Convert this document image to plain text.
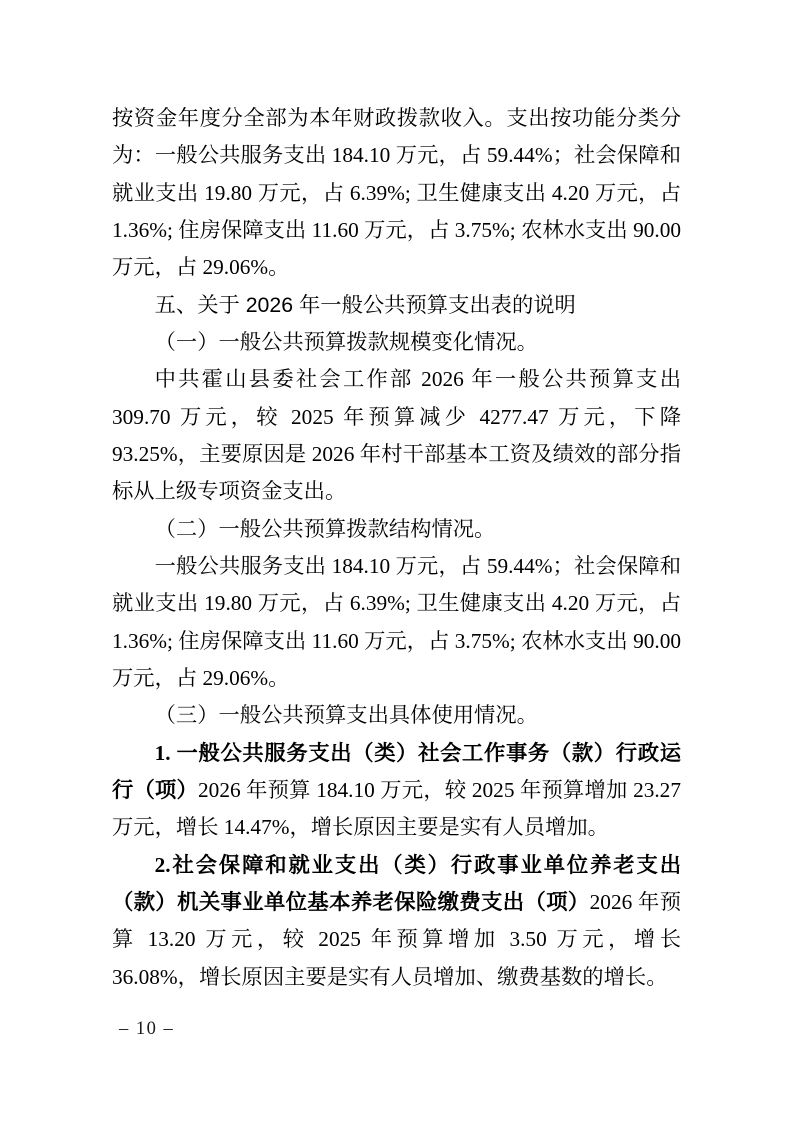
按资金年度分全部为本年财政拨款收入。支出按功能分类分为：一般公共服务支出 184.10 万元，占 59.44%；社会保障和就业支出 19.80 万元，占 6.39%; 卫生健康支出 4.20 万元，占 1.36%; 住房保障支出 11.60 万元，占 3.75%; 农林水支出 90.00 万元，占 29.06%。

五、关于 2026 年一般公共预算支出表的说明

（一）一般公共预算拨款规模变化情况。

中共霍山县委社会工作部 2026 年一般公共预算支出 309.70 万元，较 2025 年预算减少 4277.47 万元，下降 93.25%，主要原因是 2026 年村干部基本工资及绩效的部分指标从上级专项资金支出。

（二）一般公共预算拨款结构情况。

一般公共服务支出 184.10 万元，占 59.44%；社会保障和就业支出 19.80 万元，占 6.39%; 卫生健康支出 4.20 万元，占 1.36%; 住房保障支出 11.60 万元，占 3.75%; 农林水支出 90.00 万元，占 29.06%。

（三）一般公共预算支出具体使用情况。

1. 一般公共服务支出（类）社会工作事务（款）行政运行（项）2026 年预算 184.10 万元，较 2025 年预算增加 23.27 万元，增长 14.47%，增长原因主要是实有人员增加。

2.社会保障和就业支出（类）行政事业单位养老支出（款）机关事业单位基本养老保险缴费支出（项）2026 年预算 13.20 万元，较 2025 年预算增加 3.50 万元，增长 36.08%，增长原因主要是实有人员增加、缴费基数的增长。

– 10 –
